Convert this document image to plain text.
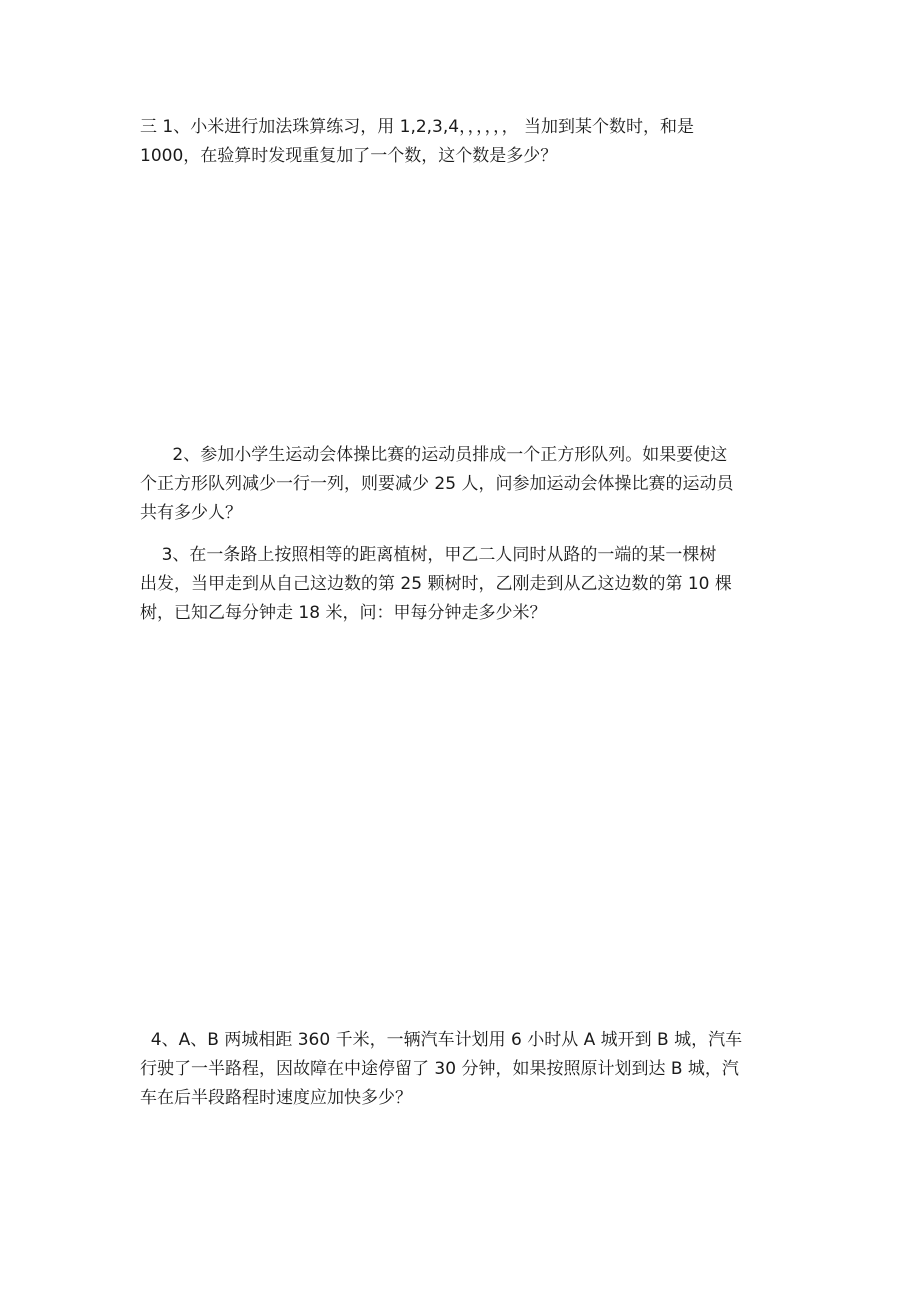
三 1、小米进行加法珠算练习，用 1,2,3,4，，，，，， 当加到某个数时，和是
1000，在验算时发现重复加了一个数，这个数是多少？

2、参加小学生运动会体操比赛的运动员排成一个正方形队列。如果要使这
个正方形队列减少一行一列，则要减少 25 人，问参加运动会体操比赛的运动员
共有多少人？

3、在一条路上按照相等的距离植树，甲乙二人同时从路的一端的某一棵树
出发，当甲走到从自己这边数的第 25 颗树时，乙刚走到从乙这边数的第 10 棵
树，已知乙每分钟走 18 米，问：甲每分钟走多少米？

4、A、B 两城相距 360 千米，一辆汽车计划用 6 小时从 A 城开到 B 城，汽车
行驶了一半路程，因故障在中途停留了 30 分钟，如果按照原计划到达 B 城，汽
车在后半段路程时速度应加快多少？
